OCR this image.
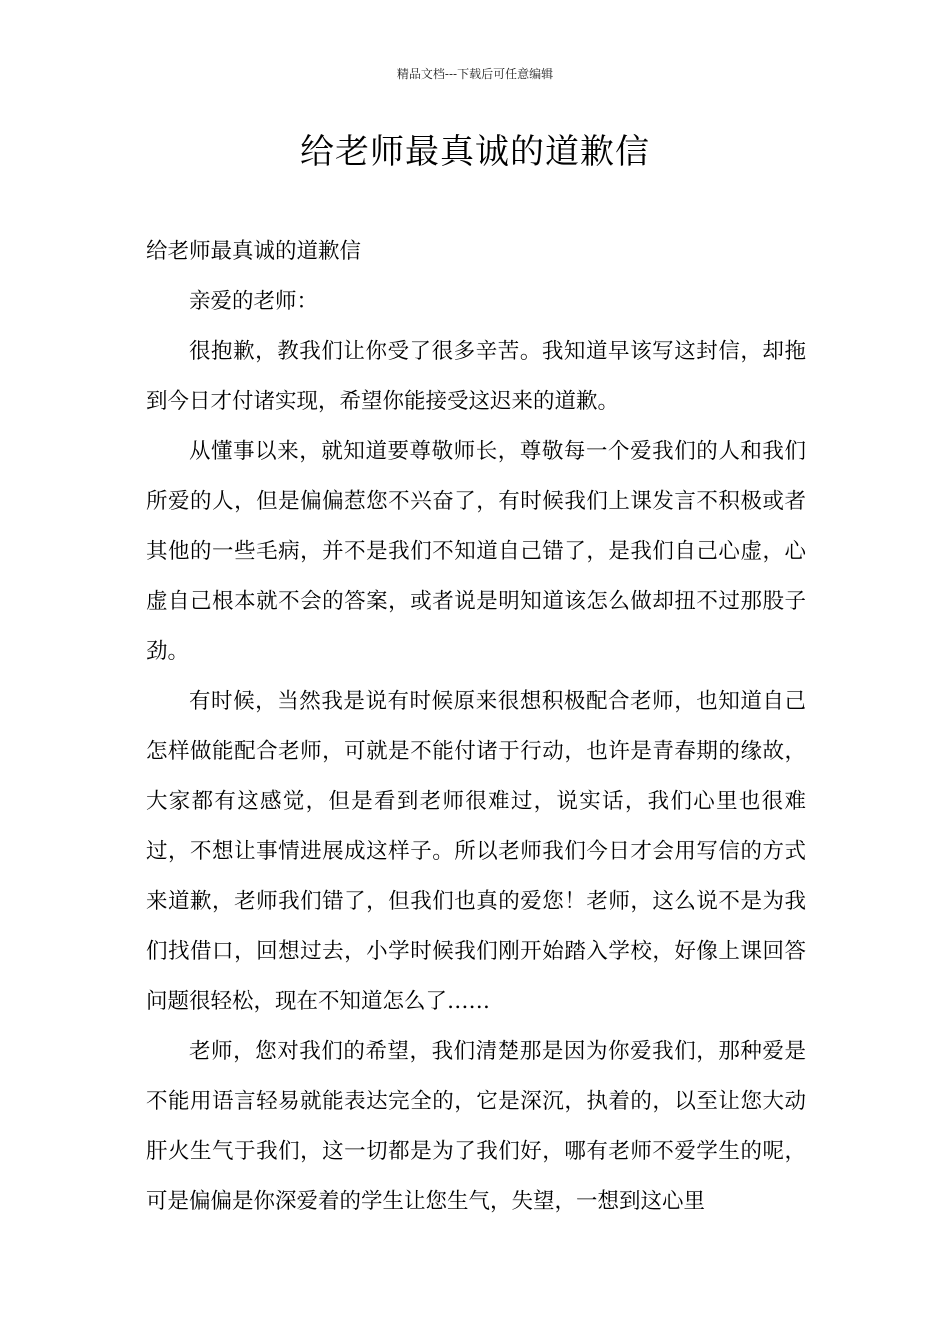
精品文档---下载后可任意编辑
给老师最真诚的道歉信

给老师最真诚的道歉信

亲爱的老师：

很抱歉，教我们让你受了很多辛苦。我知道早该写这封信，却拖到今日才付诸实现，希望你能接受这迟来的道歉。

从懂事以来，就知道要尊敬师长，尊敬每一个爱我们的人和我们所爱的人，但是偏偏惹您不兴奋了，有时候我们上课发言不积极或者其他的一些毛病，并不是我们不知道自己错了，是我们自己心虚，心虚自己根本就不会的答案，或者说是明知道该怎么做却扭不过那股子劲。

有时候，当然我是说有时候原来很想积极配合老师，也知道自己怎样做能配合老师，可就是不能付诸于行动，也许是青春期的缘故，大家都有这感觉，但是看到老师很难过，说实话，我们心里也很难过，不想让事情进展成这样子。所以老师我们今日才会用写信的方式来道歉，老师我们错了，但我们也真的爱您！老师，这么说不是为我们找借口，回想过去，小学时候我们刚开始踏入学校，好像上课回答问题很轻松，现在不知道怎么了……

老师，您对我们的希望，我们清楚那是因为你爱我们，那种爱是不能用语言轻易就能表达完全的，它是深沉，执着的，以至让您大动肝火生气于我们，这一切都是为了我们好，哪有老师不爱学生的呢，可是偏偏是你深爱着的学生让您生气，失望，一想到这心里
